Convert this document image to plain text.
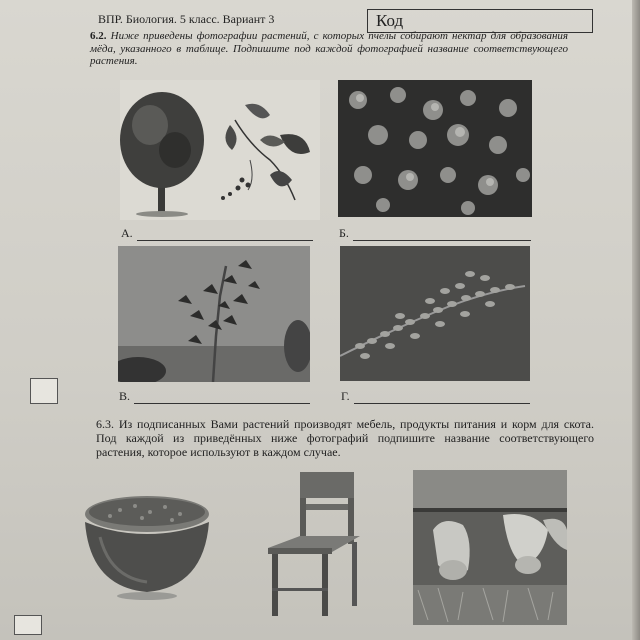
ВПР. Биология. 5 класс. Вариант 3	Код

6.2. Ниже приведены фотографии растений, с которых пчёлы собирают нектар для образования мёда, указанного в таблице. Подпишите под каждой фотографией название соответствующего растения.

А.	Б.
В.	Г.

6.3. Из подписанных Вами растений производят мебель, продукты питания и корм для скота. Под каждой из приведённых ниже фотографий подпишите название соответствующего растения, которое используют в каждом случае.
